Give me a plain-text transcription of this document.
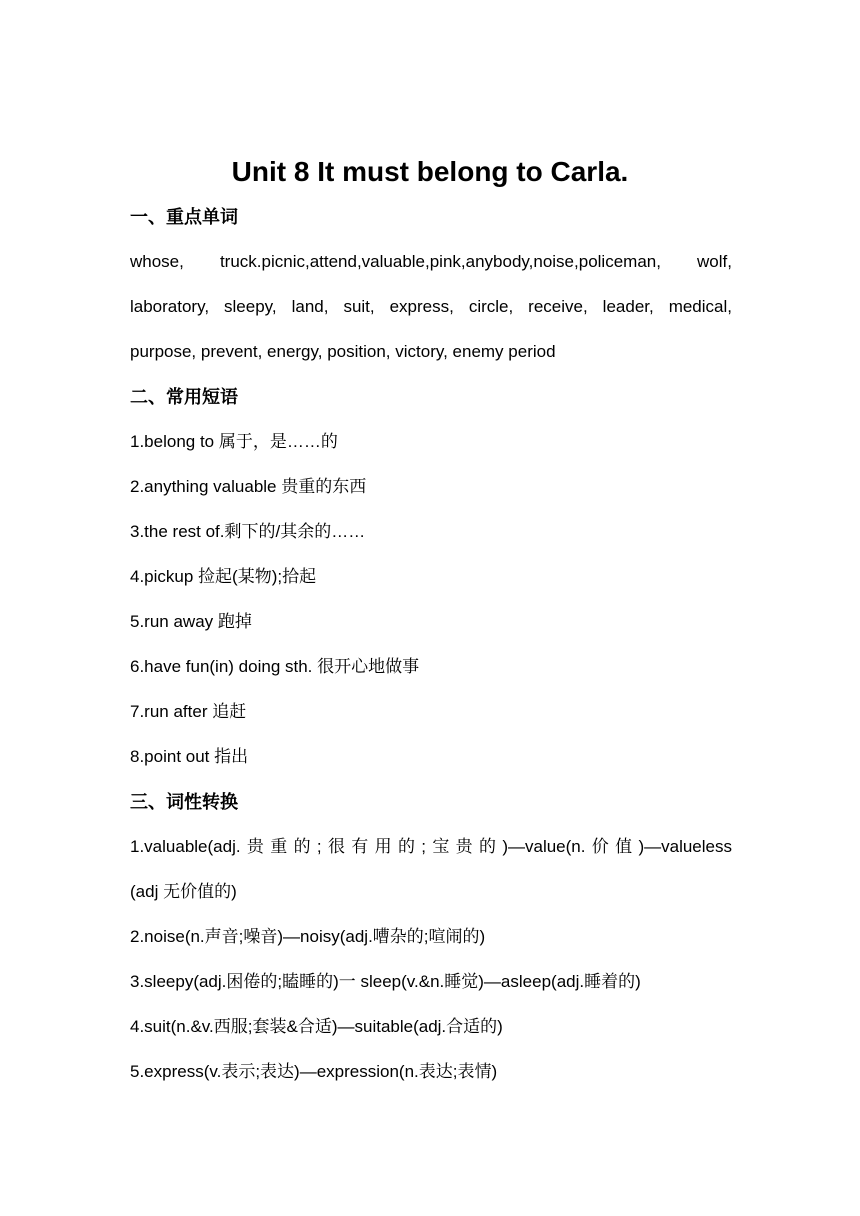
Unit 8 It must belong to Carla.
一、重点单词
whose, truck.picnic,attend,valuable,pink,anybody,noise,policeman, wolf,
laboratory, sleepy, land, suit, express, circle, receive, leader, medical,
purpose, prevent, energy, position, victory, enemy period
二、常用短语
1.belong to 属于，是……的
2.anything valuable 贵重的东西
3.the rest of.剩下的/其余的……
4.pickup 捡起(某物);拾起
5.run away 跑掉
6.have fun(in) doing sth. 很开心地做事
7.run after 追赶
8.point out 指出
三、词性转换
1.valuable(adj.贵重的;很有用的;宝贵的)—value(n.价值)—valueless
(adj 无价值的)
2.noise(n.声音;噪音)—noisy(adj.嘈杂的;喧闹的)
3.sleepy(adj.困倦的;瞌睡的)一 sleep(v.&n.睡觉)—asleep(adj.睡着的)
4.suit(n.&v.西服;套装&合适)—suitable(adj.合适的)
5.express(v.表示;表达)—expression(n.表达;表情)
